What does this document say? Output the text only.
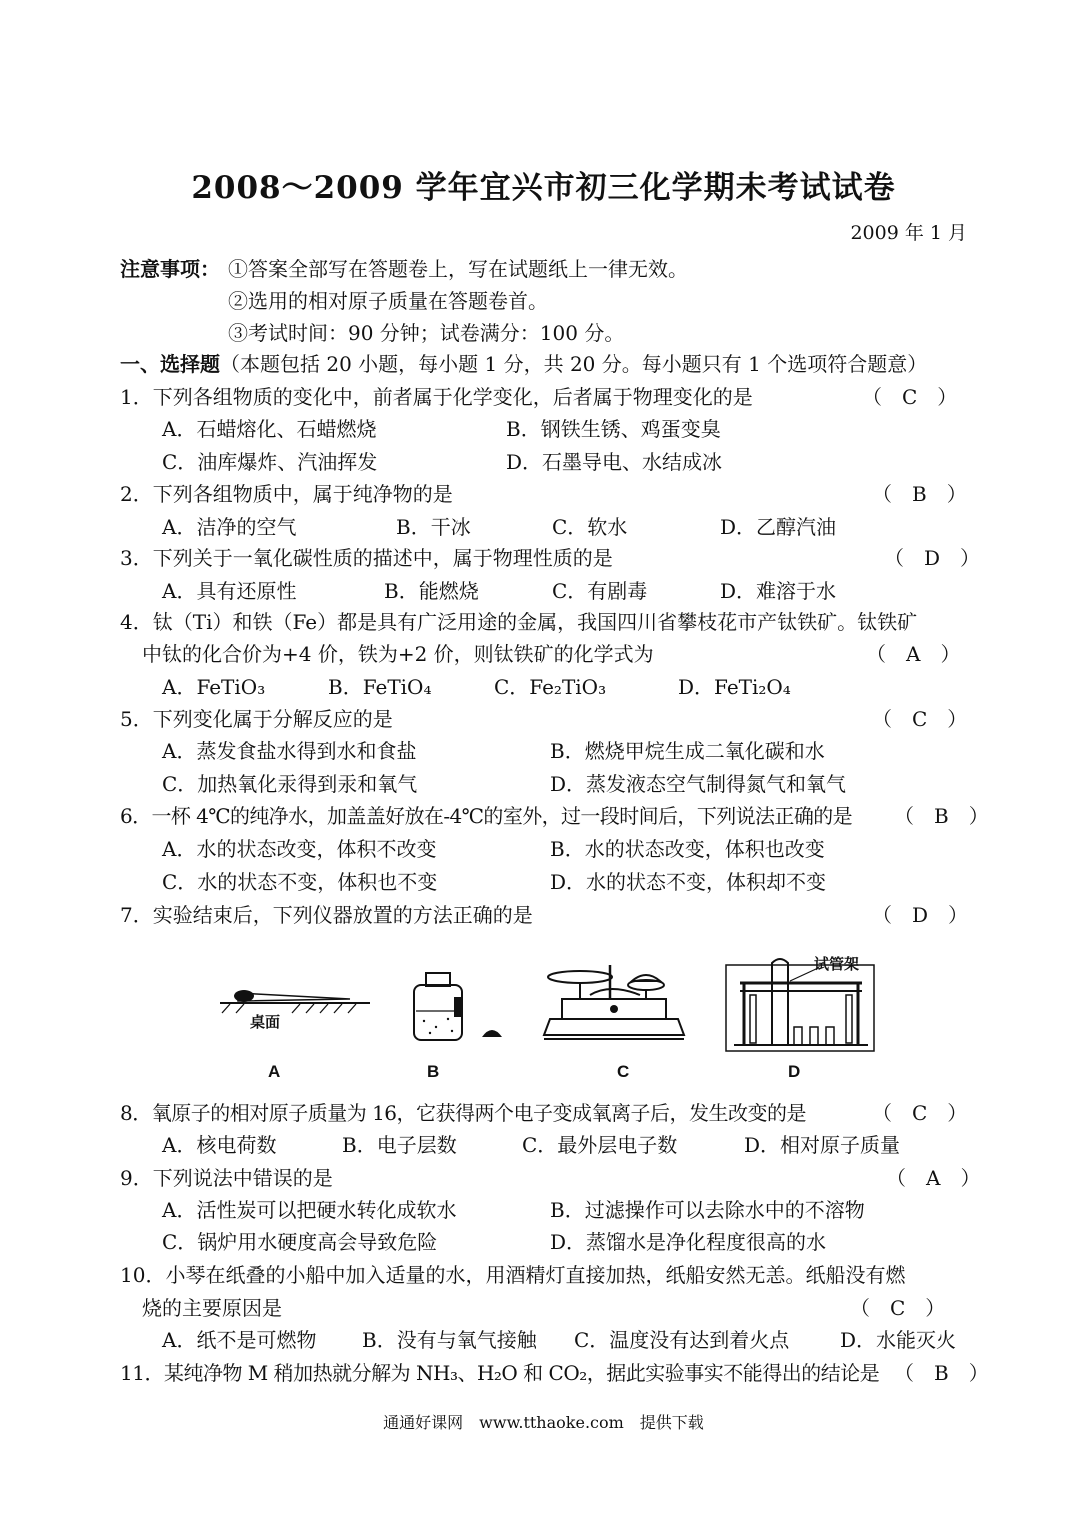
2008～2009 学年宜兴市初三化学期未考试试卷
2009 年 1 月
注意事项： ①答案全部写在答题卷上，写在试题纸上一律无效。
②选用的相对原子质量在答题卷首。
③考试时间：90 分钟；试卷满分：100 分。
一、选择题（本题包括 20 小题，每小题 1 分，共 20 分。每小题只有 1 个选项符合题意）
1．下列各组物质的变化中，前者属于化学变化，后者属于物理变化的是	（　C　）
A．石蜡熔化、石蜡燃烧	B．钢铁生锈、鸡蛋变臭
C．油库爆炸、汽油挥发	D．石墨导电、水结成冰
2．下列各组物质中，属于纯净物的是	（　B　）
A．洁净的空气	B．干冰	C．软水	D．乙醇汽油
3．下列关于一氧化碳性质的描述中，属于物理性质的是	（　D　）
A．具有还原性	B．能燃烧	C．有剧毒	D．难溶于水
4．钛（Ti）和铁（Fe）都是具有广泛用途的金属，我国四川省攀枝花市产钛铁矿。钛铁矿
中钛的化合价为+4 价，铁为+2 价，则钛铁矿的化学式为	（　A　）
A．FeTiO₃	B．FeTiO₄	C．Fe₂TiO₃	D．FeTi₂O₄
5．下列变化属于分解反应的是	（　C　）
A．蒸发食盐水得到水和食盐	B．燃烧甲烷生成二氧化碳和水
C．加热氧化汞得到汞和氧气	D．蒸发液态空气制得氮气和氧气
6．一杯 4℃的纯净水，加盖盖好放在-4℃的室外，过一段时间后，下列说法正确的是 （　B　）
A．水的状态改变，体积不改变	B．水的状态改变，体积也改变
C．水的状态不变，体积也不变	D．水的状态不变，体积却不变
7．实验结束后，下列仪器放置的方法正确的是	（　D　）
桌面
试管架
A	B	C	D
8．氧原子的相对原子质量为 16，它获得两个电子变成氧离子后，发生改变的是	（　C　）
A．核电荷数	B．电子层数	C．最外层电子数	D．相对原子质量
9．下列说法中错误的是	（　A　）
A．活性炭可以把硬水转化成软水	B．过滤操作可以去除水中的不溶物
C．锅炉用水硬度高会导致危险	D．蒸馏水是净化程度很高的水
10．小琴在纸叠的小船中加入适量的水，用酒精灯直接加热，纸船安然无恙。纸船没有燃
烧的主要原因是	（　C　）
A．纸不是可燃物 B．没有与氧气接触 C．温度没有达到着火点	D．水能灭火
11．某纯净物 M 稍加热就分解为 NH₃、H₂O 和 CO₂，据此实验事实不能得出的结论是 （　B　）
通通好课网　www.tthaoke.com　提供下载
